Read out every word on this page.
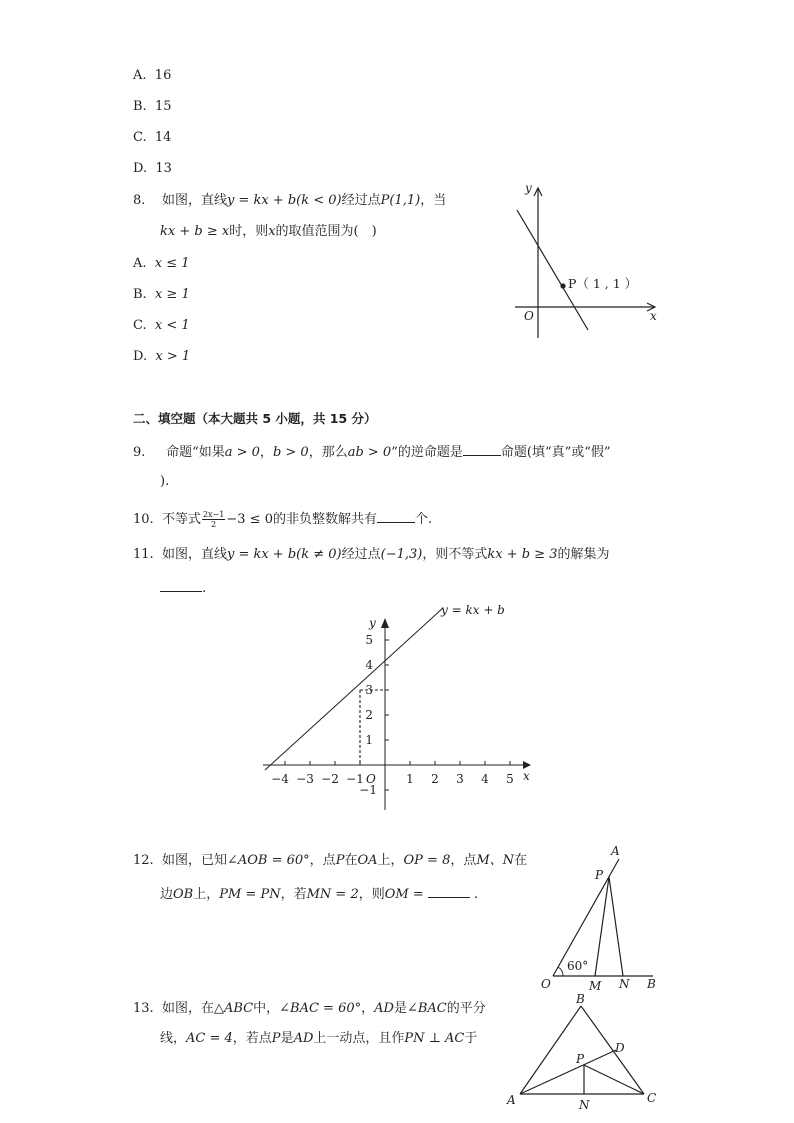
A. 16
B. 15
C. 14
D. 13
8. 如图，直线y = kx + b(k < 0)经过点P(1,1)，当
kx + b ≥ x时，则x的取值范围为(　)
A. x ≤ 1
B. x ≥ 1
C. x < 1
D. x > 1
y
x
O
P（ 1 , 1 ）
二、填空题（本大题共 5 小题，共 15 分）
9. 命题“如果a > 0，b > 0，那么ab > 0”的逆命题是	命题(填“真”或“假”
).
10. 不等式 $\frac{2x-1}{2} -3 \le 0$的非负整数解共有	个.
11. 如图，直线y = kx + b(k ≠ 0)经过点(−1,3)，则不等式kx + b ≥ 3的解集为
.
y = kx + b
y
x
O
−4 −3 −2 −1	1 2 3 4 5
5
4
3
2
1
−1
12. 如图，已知∠AOB = 60°，点P在OA上，OP = 8，点M、N在
边OB上，PM = PN，若MN = 2，则OM =	.
A
P
O	M N B
60°
13. 如图，在△ABC中，∠BAC = 60°，AD是∠BAC的平分
线，AC = 4，若点P是AD上一动点，且作PN ⊥ AC于
A
B
C
D
P
N
